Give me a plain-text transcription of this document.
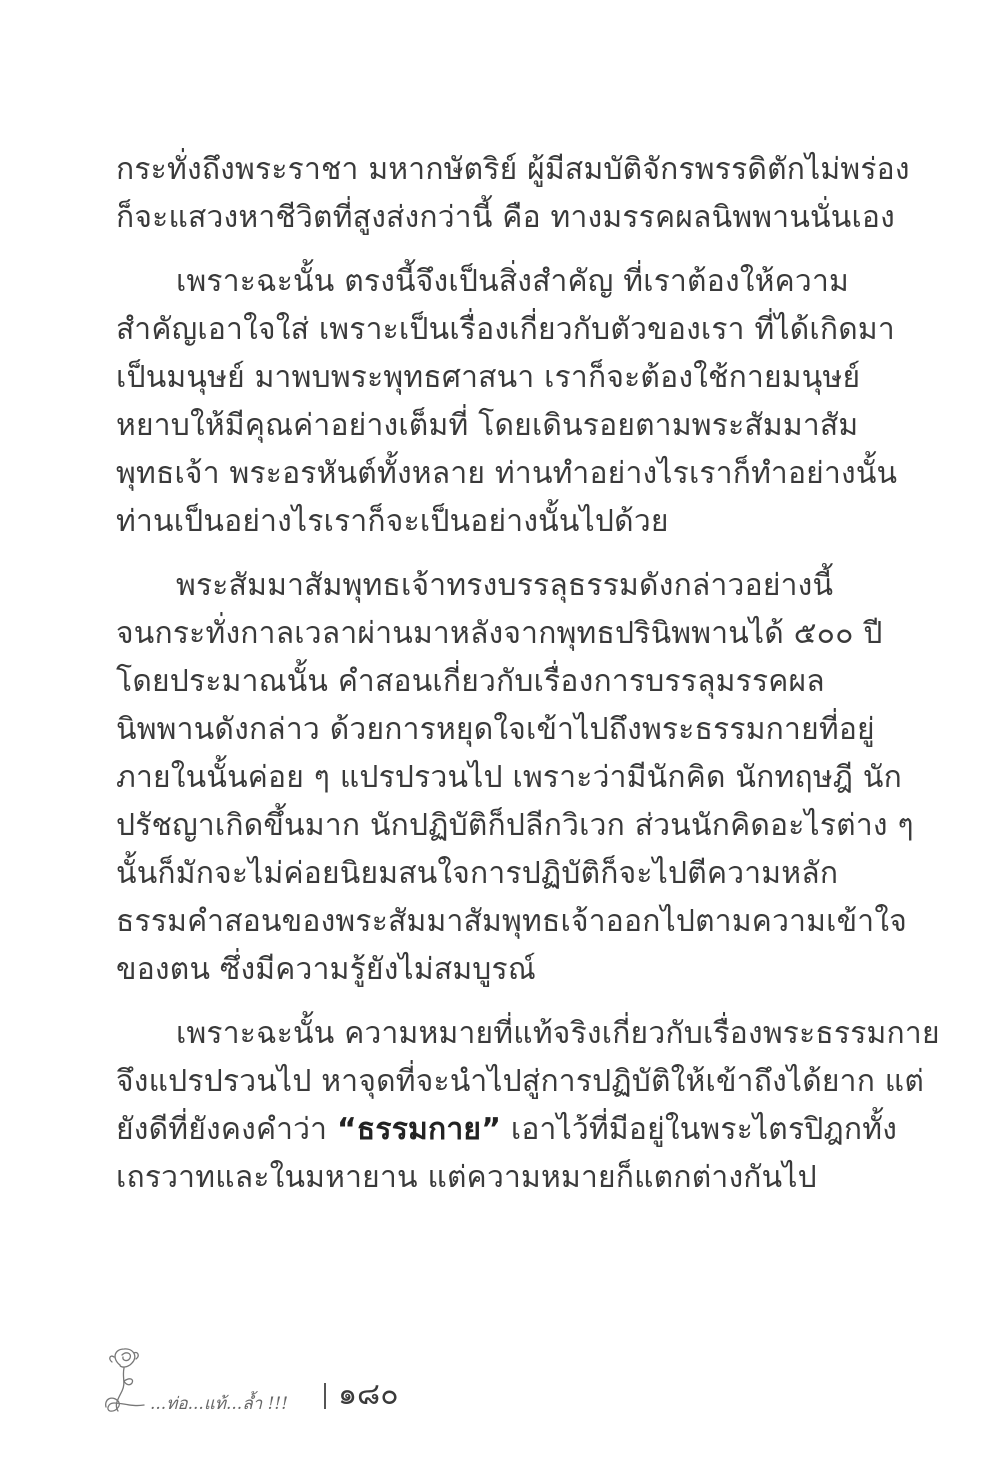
กระทั่งถึงพระราชา มหากษัตริย์ ผู้มีสมบัติจักรพรรดิตักไม่พร่อง
ก็จะแสวงหาชีวิตที่สูงส่งกว่านี้ คือ ทางมรรคผลนิพพานนั่นเอง
เพราะฉะนั้น ตรงนี้จึงเป็นสิ่งสำคัญ ที่เราต้องให้ความ
สำคัญเอาใจใส่ เพราะเป็นเรื่องเกี่ยวกับตัวของเรา ที่ได้เกิดมา
เป็นมนุษย์ มาพบพระพุทธศาสนา เราก็จะต้องใช้กายมนุษย์
หยาบให้มีคุณค่าอย่างเต็มที่ โดยเดินรอยตามพระสัมมาสัม
พุทธเจ้า พระอรหันต์ทั้งหลาย ท่านทำอย่างไรเราก็ทำอย่างนั้น
ท่านเป็นอย่างไรเราก็จะเป็นอย่างนั้นไปด้วย
พระสัมมาสัมพุทธเจ้าทรงบรรลุธรรมดังกล่าวอย่างนี้
จนกระทั่งกาลเวลาผ่านมาหลังจากพุทธปรินิพพานได้ ๕๐๐ ปี
โดยประมาณนั้น คำสอนเกี่ยวกับเรื่องการบรรลุมรรคผล
นิพพานดังกล่าว ด้วยการหยุดใจเข้าไปถึงพระธรรมกายที่อยู่
ภายในนั้นค่อย ๆ แปรปรวนไป เพราะว่ามีนักคิด นักทฤษฎี นัก
ปรัชญาเกิดขึ้นมาก นักปฏิบัติก็ปลีกวิเวก ส่วนนักคิดอะไรต่าง ๆ
นั้นก็มักจะไม่ค่อยนิยมสนใจการปฏิบัติก็จะไปตีความหลัก
ธรรมคำสอนของพระสัมมาสัมพุทธเจ้าออกไปตามความเข้าใจ
ของตน ซึ่งมีความรู้ยังไม่สมบูรณ์
เพราะฉะนั้น ความหมายที่แท้จริงเกี่ยวกับเรื่องพระธรรมกาย
จึงแปรปรวนไป หาจุดที่จะนำไปสู่การปฏิบัติให้เข้าถึงได้ยาก แต่
ยังดีที่ยังคงคำว่า “ธรรมกาย” เอาไว้ที่มีอยู่ในพระไตรปิฎกทั้ง
เถรวาทและในมหายาน แต่ความหมายก็แตกต่างกันไป
...ท่อ...แท้...ล้ำ !!! ๑๘๐
